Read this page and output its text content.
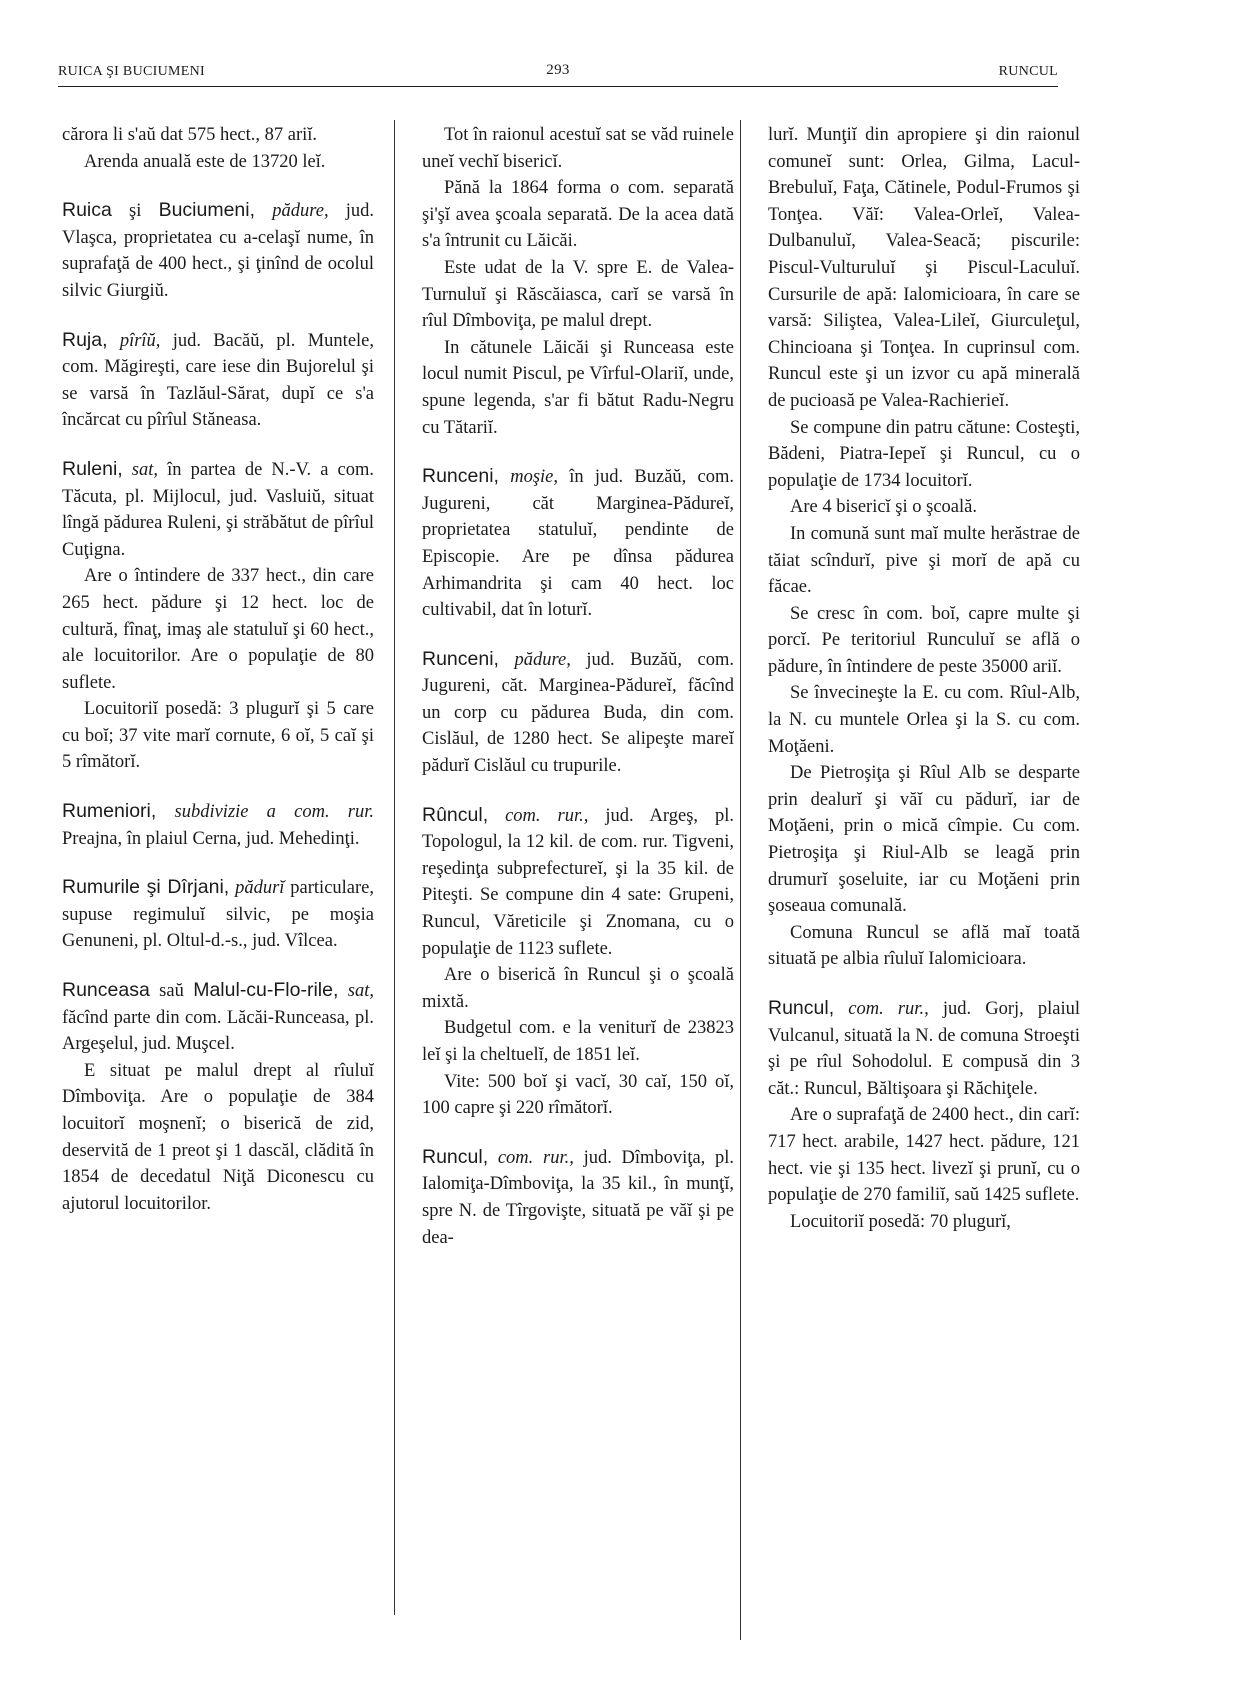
RUICA ŞI BUCIUMENI	293	RUNCUL

cărora li s'aŭ dat 575 hect., 87 ariĭ.

Arenda anuală este de 13720 leĭ.

Ruica şi Buciumeni, pădure, jud. Vlaşca, proprietatea cu a-celaşĭ nume, în suprafaţă de 400 hect., şi ţinînd de ocolul silvic Giurgiŭ.

Ruja, pîrîŭ, jud. Bacăŭ, pl. Muntele, com. Măgireşti, care iese din Bujorelul şi se varsă în Tazlăul-Sărat, dupĭ ce s'a încărcat cu pîrîul Stăneasa.

Ruleni, sat, în partea de N.-V. a com. Tăcuta, pl. Mijlocul, jud. Vasluiŭ, situat lîngă pădurea Ruleni, şi străbătut de pîrîul Cuţigna.

Are o întindere de 337 hect., din care 265 hect. pădure şi 12 hect. loc de cultură, fînaţ, imaş ale statuluĭ şi 60 hect., ale locuitorilor. Are o populaţie de 80 suflete.

Locuitoriĭ posedă: 3 plugurĭ şi 5 care cu boĭ; 37 vite marĭ cornute, 6 oĭ, 5 caĭ şi 5 rîmătorĭ.

Rumeniori, subdivizie a com. rur. Preajna, în plaiul Cerna, jud. Mehedinţi.

Rumurile şi Dîrjani, pădurĭ particulare, supuse regimuluĭ silvic, pe moşia Genuneni, pl. Oltul-d.-s., jud. Vîlcea.

Runceasa saŭ Malul-cu-Flo-rile, sat, făcînd parte din com. Lăcăi-Runceasa, pl. Argeşelul, jud. Muşcel.

E situat pe malul drept al rîuluĭ Dîmboviţa. Are o populaţie de 384 locuitorĭ moşnenĭ; o biserică de zid, deservită de 1 preot şi 1 dascăl, clădită în 1854 de decedatul Niţă Diconescu cu ajutorul locuitorilor.

Tot în raionul acestuĭ sat se văd ruinele uneĭ vechĭ bisericĭ.

Pănă la 1864 forma o com. separată şi'şĭ avea şcoala separată. De la acea dată s'a întrunit cu Lăicăi.

Este udat de la V. spre E. de Valea-Turnuluĭ şi Răscăiasca, carĭ se varsă în rîul Dîmboviţa, pe malul drept.

In cătunele Lăicăi şi Runceasa este locul numit Piscul, pe Vîrful-Olariĭ, unde, spune legenda, s'ar fi bătut Radu-Negru cu Tătariĭ.

Runceni, moşie, în jud. Buzăŭ, com. Jugureni, căt Marginea-Pădureĭ, proprietatea statuluĭ, pendinte de Episcopie. Are pe dînsa pădurea Arhimandrita şi cam 40 hect. loc cultivabil, dat în loturĭ.

Runceni, pădure, jud. Buzăŭ, com. Jugureni, căt. Marginea-Pădureĭ, făcînd un corp cu pădurea Buda, din com. Cislăul, de 1280 hect. Se alipeşte mareĭ pădurĭ Cislăul cu trupurile.

Rûncul, com. rur., jud. Argeş, pl. Topologul, la 12 kil. de com. rur. Tigveni, reşedinţa subprefectureĭ, şi la 35 kil. de Piteşti. Se compune din 4 sate: Grupeni, Runcul, Văreticile şi Znomana, cu o populaţie de 1123 suflete.

Are o biserică în Runcul şi o şcoală mixtă.

Budgetul com. e la veniturĭ de 23823 leĭ şi la cheltuelĭ, de 1851 leĭ.

Vite: 500 boĭ şi vacĭ, 30 caĭ, 150 oĭ, 100 capre şi 220 rîmătorĭ.

Runcul, com. rur., jud. Dîmboviţa, pl. Ialomiţa-Dîmboviţa, la 35 kil., în munţĭ, spre N. de Tîrgovişte, situată pe văĭ şi pe dea-

lurĭ. Munţiĭ din apropiere şi din raionul comuneĭ sunt: Orlea, Gilma, Lacul-Brebuluĭ, Faţa, Cătinele, Podul-Frumos şi Tonţea. Văĭ: Valea-Orleĭ, Valea-Dulbanuluĭ, Valea-Seacă; piscurile: Piscul-Vulturuluĭ şi Piscul-Laculuĭ. Cursurile de apă: Ialomicioara, în care se varsă: Siliştea, Valea-Lileĭ, Giurculeţul, Chincioana şi Tonţea. In cuprinsul com. Runcul este şi un izvor cu apă minerală de pucioasă pe Valea-Rachieriеĭ.

Se compune din patru cătune: Costeşti, Bădeni, Piatra-Iepeĭ şi Runcul, cu o populaţie de 1734 locuitorĭ.

Are 4 bisericĭ şi o şcoală.

In comună sunt maĭ multe herăstrae de tăiat scîndurĭ, pive şi morĭ de apă cu făcae.

Se cresc în com. boĭ, capre multe şi porcĭ. Pe teritoriul Runculuĭ se află o pădure, în întindere de peste 35000 ariĭ.

Se învecineşte la E. cu com. Rîul-Alb, la N. cu muntele Orlea şi la S. cu com. Moţăeni.

De Pietroşiţa şi Rîul Alb se desparte prin dealurĭ şi văĭ cu pădurĭ, iar de Moţăeni, prin o mică cîmpie. Cu com. Pietroşiţa şi Riul-Alb se leagă prin drumurĭ şoseluite, iar cu Moţăeni prin şoseaua comunală.

Comuna Runcul se află maĭ toată situată pe albia rîuluĭ Ialomicioara.

Runcul, com. rur., jud. Gorj, plaiul Vulcanul, situată la N. de comuna Stroeşti şi pe rîul Sohodolul. E compusă din 3 căt.: Runcul, Băltişoara şi Răchiţele.

Are o suprafaţă de 2400 hect., din carĭ: 717 hect. arabile, 1427 hect. pădure, 121 hect. vie şi 135 hect. livezĭ şi prunĭ, cu o populaţie de 270 familiĭ, saŭ 1425 suflete.

Locuitoriĭ posedă: 70 plugurĭ,
